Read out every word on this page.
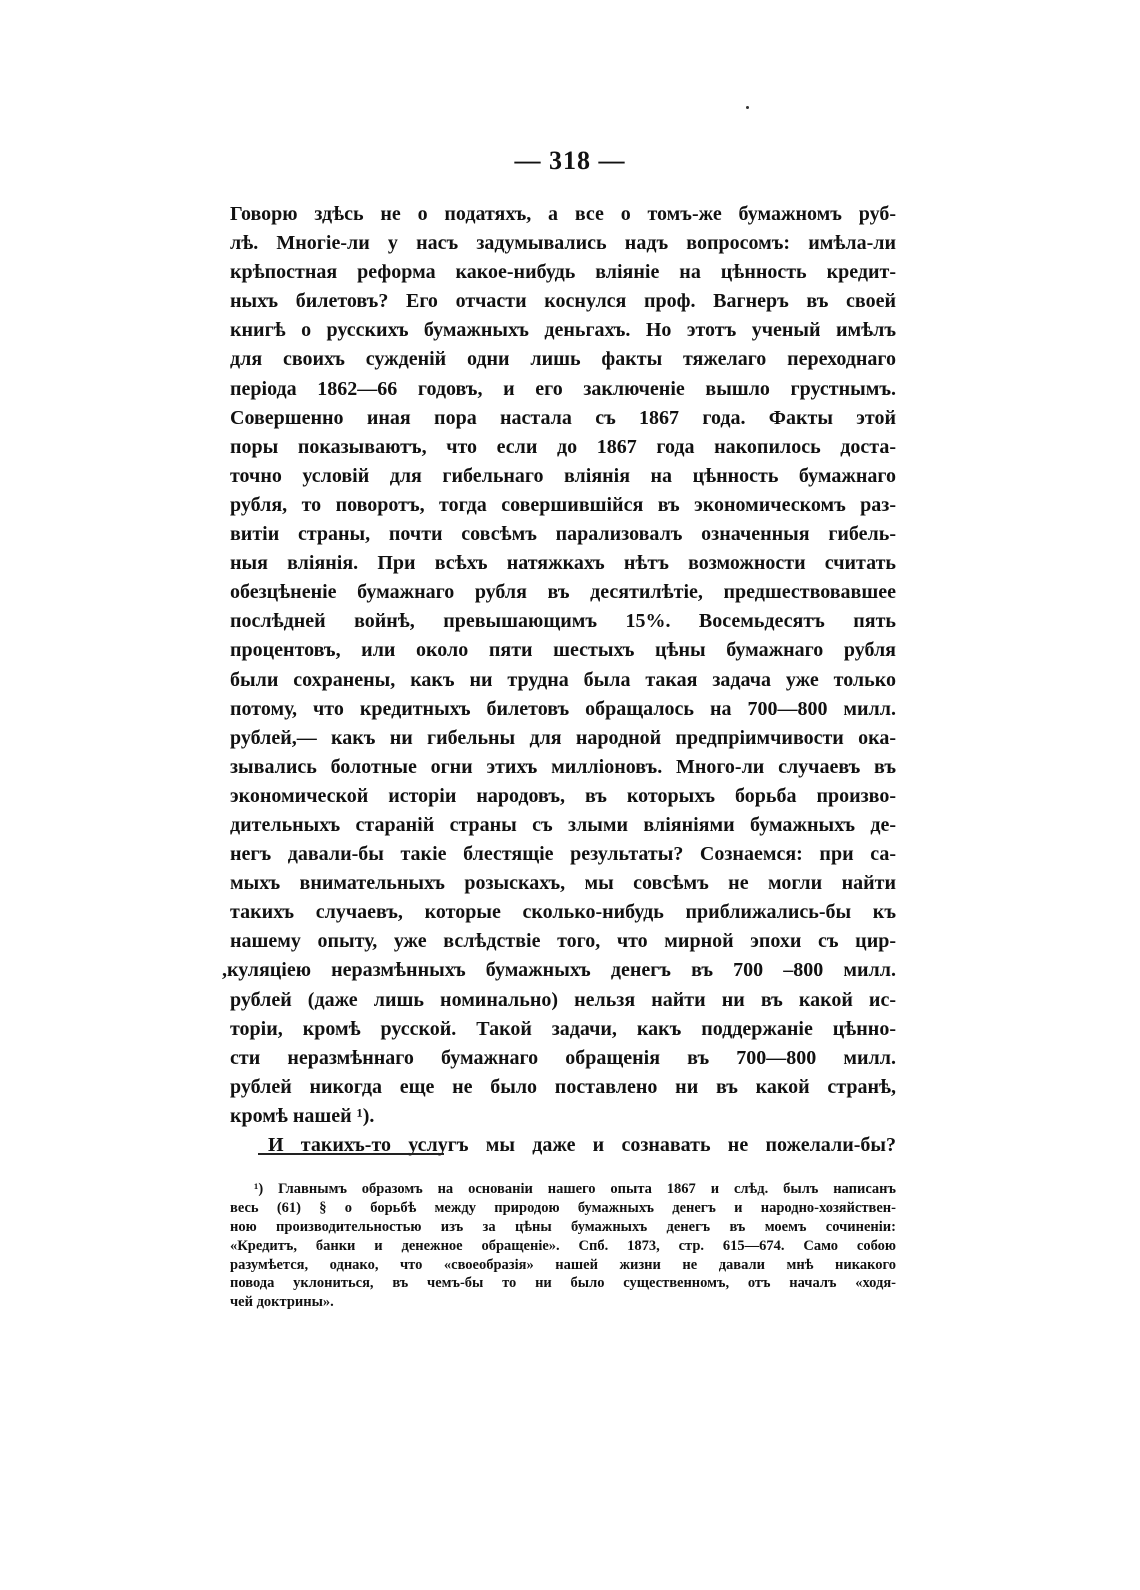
— 318 —
Говорю здѣсь не о податяхъ, а все о томъ-же бумажномъ руб-
лѣ. Многіе-ли у насъ задумывались надъ вопросомъ: имѣла-ли
крѣпостная реформа какое-нибудь вліяніе на цѣнность кредит-
ныхъ билетовъ? Его отчасти коснулся проф. Вагнеръ въ своей
книгѣ о русскихъ бумажныхъ деньгахъ. Но этотъ ученый имѣлъ
для своихъ сужденій одни лишь факты тяжелаго переходнаго
періода 1862—66 годовъ, и его заключеніе вышло грустнымъ.
Совершенно иная пора настала съ 1867 года. Факты этой
поры показываютъ, что если до 1867 года накопилось доста-
точно условій для гибельнаго вліянія на цѣнность бумажнаго
рубля, то поворотъ, тогда совершившійся въ экономическомъ раз-
витіи страны, почти совсѣмъ парализовалъ означенныя гибель-
ныя вліянія. При всѣхъ натяжкахъ нѣтъ возможности считать
обезцѣненіе бумажнаго рубля въ десятилѣтіе, предшествовавшее
послѣдней войнѣ, превышающимъ 15%. Восемьдесятъ пять
процентовъ, или около пяти шестыхъ цѣны бумажнаго рубля
были сохранены, какъ ни трудна была такая задача уже только
потому, что кредитныхъ билетовъ обращалось на 700—800 милл.
рублей,— какъ ни гибельны для народной предпріимчивости ока-
зывались болотные огни этихъ милліоновъ. Много-ли случаевъ въ
экономической исторіи народовъ, въ которыхъ борьба произво-
дительныхъ стараній страны съ злыми вліяніями бумажныхъ де-
негъ давали-бы такіе блестящіе результаты? Сознаемся: при са-
мыхъ внимательныхъ розыскахъ, мы совсѣмъ не могли найти
такихъ случаевъ, которые сколько-нибудь приближались-бы къ
нашему опыту, уже вслѣдствіе того, что мирной эпохи съ цир-
,куляціею неразмѣнныхъ бумажныхъ денегъ въ 700 –800 милл.
рублей (даже лишь номинально) нельзя найти ни въ какой ис-
торіи, кромѣ русской. Такой задачи, какъ поддержаніе цѣнно-
сти неразмѣннаго бумажнаго обращенія въ 700—800 милл.
рублей никогда еще не было поставлено ни въ какой странѣ,
кромѣ нашей ¹).
И такихъ-то услугъ мы даже и сознавать не пожелали-бы?
¹) Главнымъ образомъ на основаніи нашего опыта 1867 и слѣд. былъ написанъ
весь (61) § о борьбѣ между природою бумажныхъ денегъ и народно-хозяйствен-
ною производительностью изъ за цѣны бумажныхъ денегъ въ моемъ сочиненіи:
«Кредитъ, банки и денежное обращеніе». Спб. 1873, стр. 615—674. Само собою
разумѣется, однако, что «своеобразія» нашей жизни не давали мнѣ никакого
повода уклониться, въ чемъ-бы то ни было существенномъ, отъ началъ «ходя-
чей доктрины».
